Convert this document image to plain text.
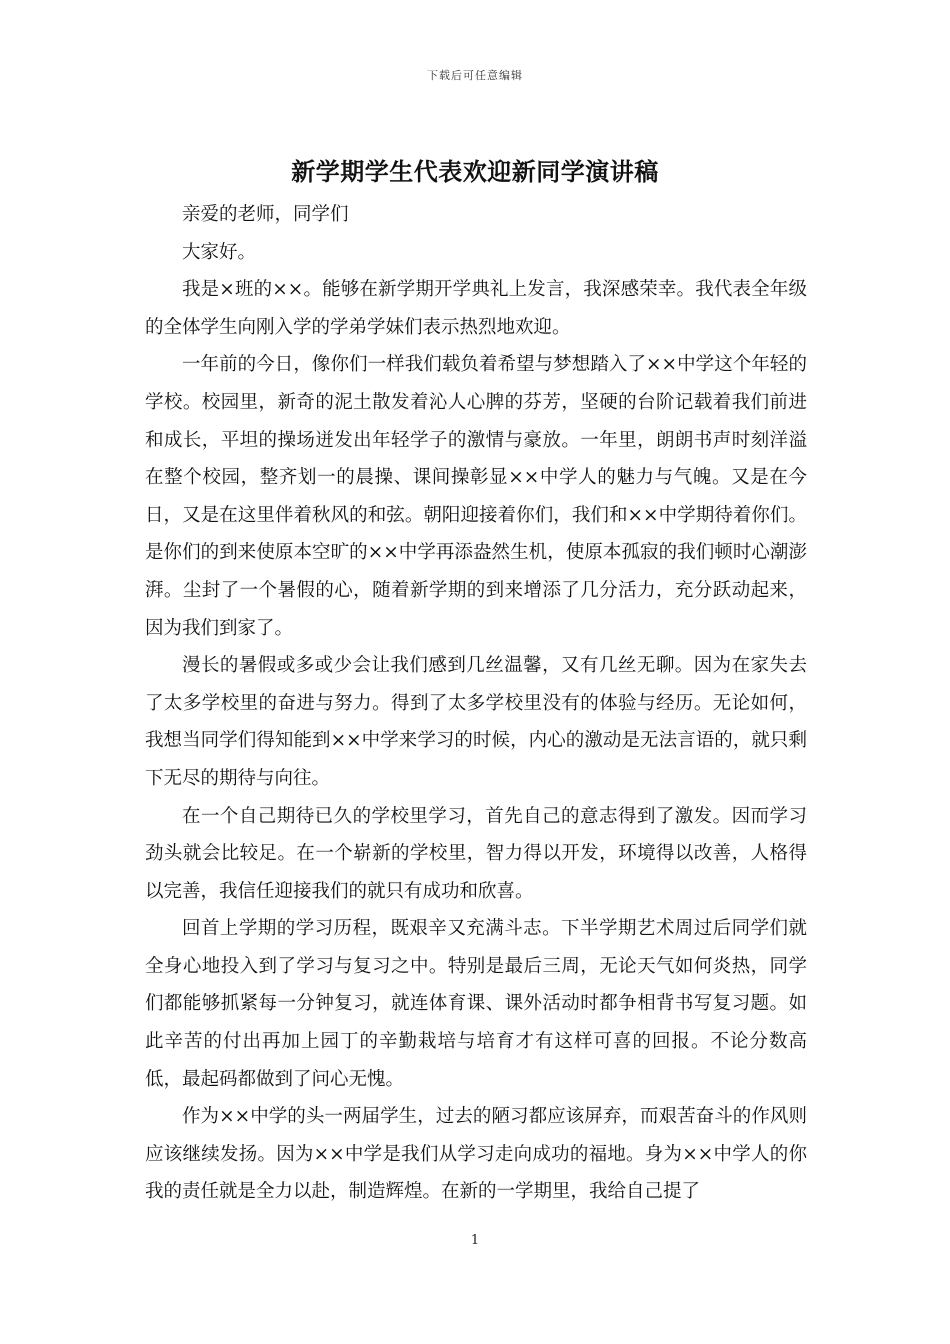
下载后可任意编辑
新学期学生代表欢迎新同学演讲稿

亲爱的老师，同学们

大家好。

我是×班的××。能够在新学期开学典礼上发言，我深感荣幸。我代表全年级的全体学生向刚入学的学弟学妹们表示热烈地欢迎。

一年前的今日，像你们一样我们载负着希望与梦想踏入了××中学这个年轻的学校。校园里，新奇的泥土散发着沁人心脾的芬芳，坚硬的台阶记载着我们前进和成长，平坦的操场迸发出年轻学子的激情与豪放。一年里，朗朗书声时刻洋溢在整个校园，整齐划一的晨操、课间操彰显××中学人的魅力与气魄。又是在今日，又是在这里伴着秋风的和弦。朝阳迎接着你们，我们和××中学期待着你们。是你们的到来使原本空旷的××中学再添盎然生机，使原本孤寂的我们顿时心潮澎湃。尘封了一个暑假的心，随着新学期的到来增添了几分活力，充分跃动起来，因为我们到家了。

漫长的暑假或多或少会让我们感到几丝温馨，又有几丝无聊。因为在家失去了太多学校里的奋进与努力。得到了太多学校里没有的体验与经历。无论如何，我想当同学们得知能到××中学来学习的时候，内心的激动是无法言语的，就只剩下无尽的期待与向往。

在一个自己期待已久的学校里学习，首先自己的意志得到了激发。因而学习劲头就会比较足。在一个崭新的学校里，智力得以开发，环境得以改善，人格得以完善，我信任迎接我们的就只有成功和欣喜。

回首上学期的学习历程，既艰辛又充满斗志。下半学期艺术周过后同学们就全身心地投入到了学习与复习之中。特别是最后三周，无论天气如何炎热，同学们都能够抓紧每一分钟复习，就连体育课、课外活动时都争相背书写复习题。如此辛苦的付出再加上园丁的辛勤栽培与培育才有这样可喜的回报。不论分数高低，最起码都做到了问心无愧。

作为××中学的头一两届学生，过去的陋习都应该屏弃，而艰苦奋斗的作风则应该继续发扬。因为××中学是我们从学习走向成功的福地。身为××中学人的你我的责任就是全力以赴，制造辉煌。在新的一学期里，我给自己提了

1
